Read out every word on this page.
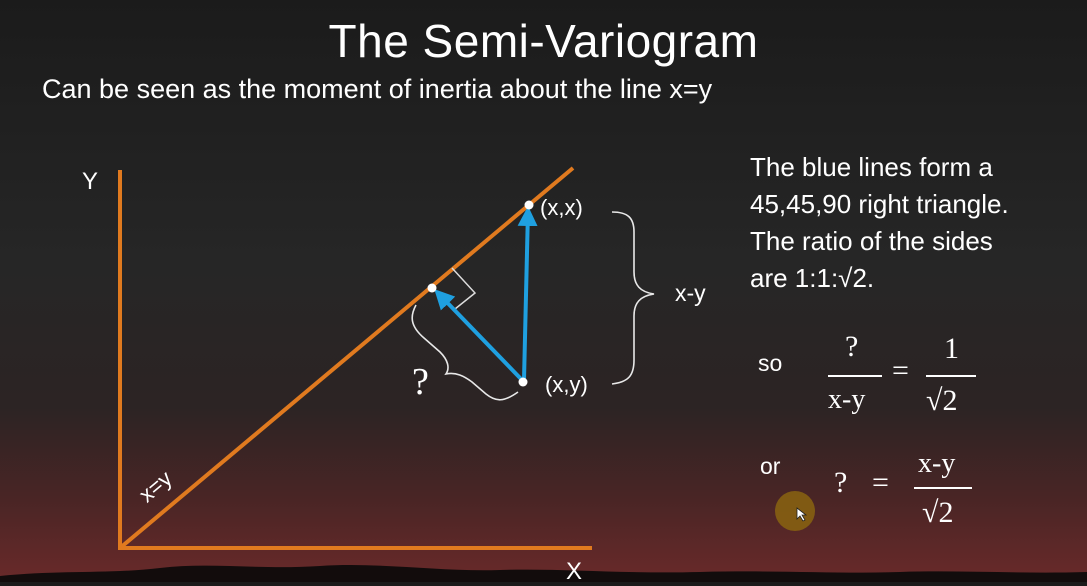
The Semi-Variogram
Can be seen as the moment of inertia about the line x=y
Y
X
x=y
(x,x)
(x,y)
x-y
?
The blue lines form a
45,45,90 right triangle.
The ratio of the sides
are 1:1:√2.
so ?
x-y
=
1
√2
or ? =
x-y
√2
